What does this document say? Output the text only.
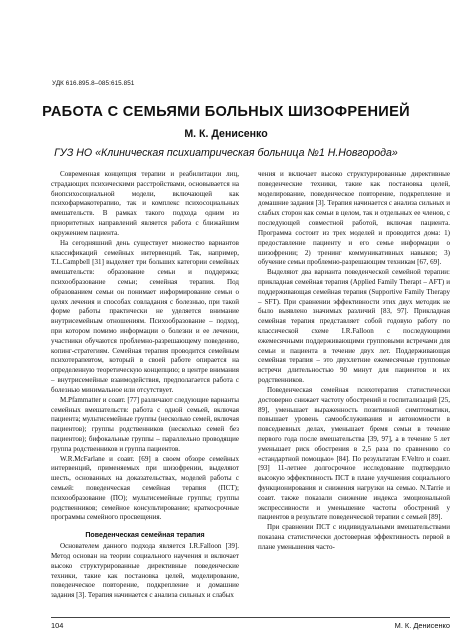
УДК 616.895.8–085:615.851
РАБОТА С СЕМЬЯМИ БОЛЬНЫХ ШИЗОФРЕНИЕЙ
М. К. Денисенко
ГУЗ НО «Клиническая психиатрическая больница №1 Н.Новгорода»

Современная концепция терапии и реабилитации лиц, страдающих психическими расстройствами, основывается на биопсихосоциальной модели, включающей как психофармакотерапию, так и комплекс психосоциальных вмешательств. В рамках такого подхода одним из приоритетных направлений является работа с ближайшим окружением пациента.

На сегодняшний день существует множество вариантов классификаций семейных интервенций. Так, например, T.L.Campbell [31] выделяет три больших категории семейных вмешательств: образование семьи и поддержка; психообразование семьи; семейная терапия. Под образованием семьи он понимает информирование семьи о целях лечения и способах совладания с болезнью, при такой форме работы практически не уделяется внимание внутрисемейным отношениям. Психообразование – подход, при котором помимо информации о болезни и ее лечении, участники обучаются проблемно-разрешающему поведению, копинг-стратегиям. Семейная терапия проводится семейным психотерапевтом, который в своей работе опирается на определенную теоретическую концепцию; в центре внимания – внутрисемейные взаимодействия, предполагается работа с болезнью минимальное или отсутствует.

M.Pfammatter и соавт. [77] различают следующие варианты семейных вмешательств: работа с одной семьей, включая пациента; мультисемейные группы (несколько семей, включая пациентов); группы родственников (несколько семей без пациентов); бифокальные группы – параллельно проводящие группа родственников и группа пациентов.

W.R.McFarlane и соавт. [69] в своем обзоре семейных интервенций, применяемых при шизофрении, выделяют шесть, основанных на доказательствах, моделей работы с семьей: поведенческая семейная терапия (ПСТ); психообразование (ПО); мультисемейные группы; группы родственников; семейное консультирование; краткосрочные программы семейного просвещения.

Поведенческая семейная терапия

Основателем данного подхода является I.R.Falloon [39]. Метод основан на теории социального научения и включает высоко структурированные директивные поведенческие техники, такие как постановка целей, моделирование, поведенческое повторение, подкрепление и домашние задания [3]. Терапия начинается с анализа сильных и слабых

чения и включает высоко структурированные директивные поведенческие техники, такие как постановка целей, моделирование, поведенческое повторение, подкрепление и домашние задания [3]. Терапия начинается с анализа сильных и слабых сторон как семьи в целом, так и отдельных ее членов, с последующей совместной работой, включая пациента. Программа состоит из трех моделей и проводится дома: 1) предоставление пациенту и его семье информации о шизофрении; 2) тренинг коммуникативных навыков; 3) обучение семьи проблемно-разрешающим техникам [67, 69].

Выделяют два варианта поведенческой семейной терапии: прикладная семейная терапия (Applied Family Therapt – AFT) и поддерживающая семейная терапия (Supportive Family Therapy – SFT). При сравнении эффективности этих двух методик не было выявлено значимых различий [83, 97]. Прикладная семейная терапия представляет собой годовую работу по классической схеме I.R.Falloon с последующими ежемесячными поддерживающими групповыми встречами для семьи и пациента в течение двух лет. Поддерживающая семейная терапия – это двухлетние ежемесячные групповые встречи длительностью 90 минут для пациентов и их родственников.

Поведенческая семейная психотерапия статистически достоверно снижает частоту обострений и госпитализаций [25, 89], уменьшает выраженность позитивной симптоматики, повышает уровень самообслуживания и автономности в повседневных делах, уменьшает бремя семьи в течение первого года после вмешательства [39, 97], а в течение 5 лет уменьшает риск обострения в 2,5 раза по сравнению со «стандартной помощью» [84]. По результатам F.Veltro и соавт. [93] 11-летнее долгосрочное исследование подтвердило высокую эффективность ПСТ в плане улучшения социального функционирования и снижения нагрузки на семью. N.Tarrie и соавт. также показали снижение индекса эмоциональной экспрессивности и уменьшение частоты обострений у пациентов в результате поведенческой терапии с семьей [89].

При сравнении ПСТ с индивидуальными вмешательствами показана статистически достоверная эффективность первой в плане уменьшения часто-

104	М. К. Денисенко
